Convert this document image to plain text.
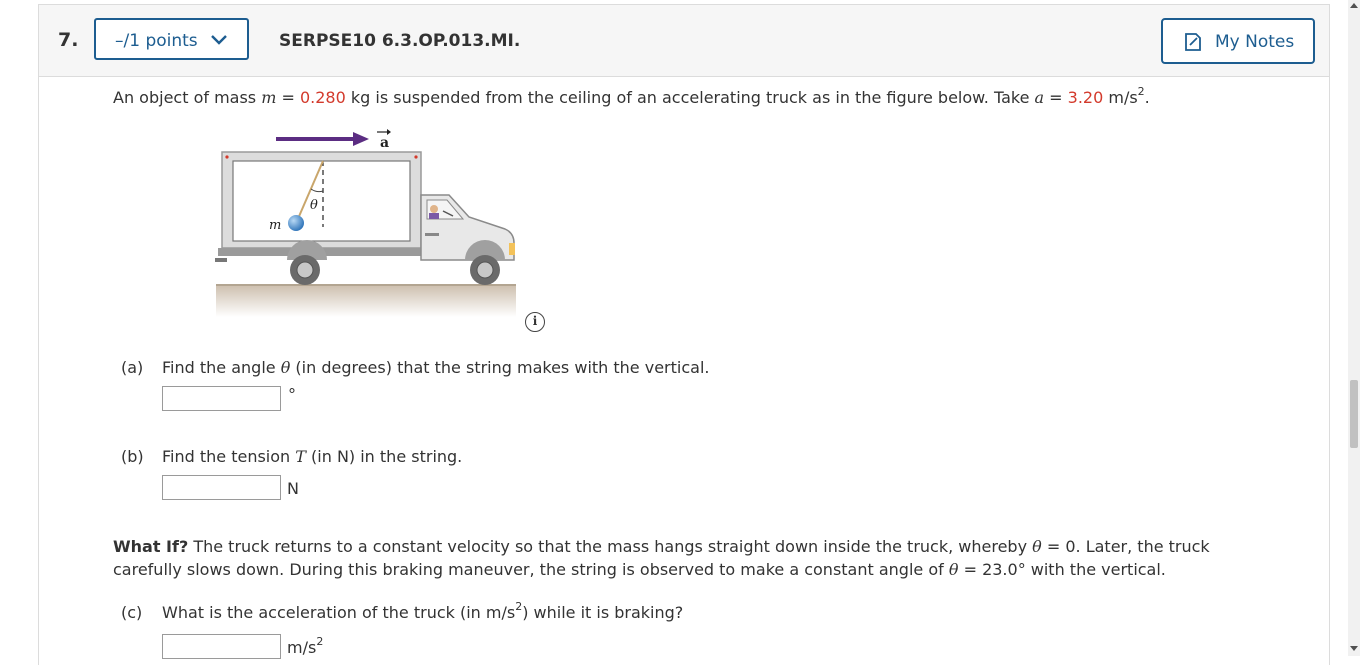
7. –/1 points	SERPSE10 6.3.OP.013.MI.	My Notes
An object of mass m = 0.280 kg is suspended from the ceiling of an accelerating truck as in the figure below. Take a = 3.20 $m/s^2$.
a
θ
m
i
(a) Find the angle θ (in degrees) that the string makes with the vertical.
°
(b) Find the tension T (in N) in the string.
N
What If? The truck returns to a constant velocity so that the mass hangs straight down inside the truck, whereby θ = 0. Later, the truck
carefully slows down. During this braking maneuver, the string is observed to make a constant angle of θ = 23.0° with the vertical.
(c) What is the acceleration of the truck (in $m/s^2$) while it is braking?
$m/s^2$
